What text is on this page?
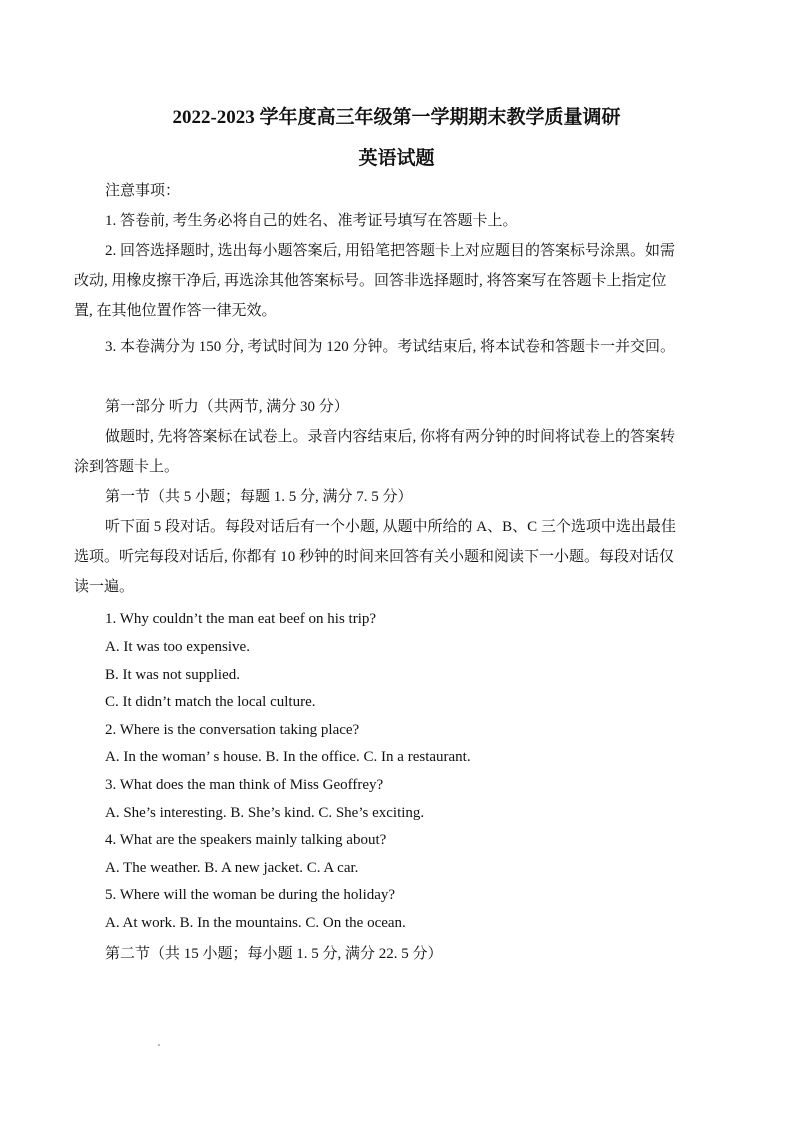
2022-2023 学年度高三年级第一学期期末教学质量调研
英语试题
注意事项：
1. 答卷前, 考生务必将自己的姓名、准考证号填写在答题卡上。
2. 回答选择题时, 选出每小题答案后, 用铅笔把答题卡上对应题目的答案标号涂黑。如需
改动, 用橡皮擦干净后, 再选涂其他答案标号。回答非选择题时, 将答案写在答题卡上指定位
置, 在其他位置作答一律无效。
3. 本卷满分为 150 分, 考试时间为 120 分钟。考试结束后, 将本试卷和答题卡一并交回。
第一部分 听力（共两节, 满分 30 分）
做题时, 先将答案标在试卷上。录音内容结束后, 你将有两分钟的时间将试卷上的答案转
涂到答题卡上。
第一节（共 5 小题；每题 1. 5 分, 满分 7. 5 分）
听下面 5 段对话。每段对话后有一个小题, 从题中所给的 A、B、C 三个选项中选出最佳
选项。听完每段对话后, 你都有 10 秒钟的时间来回答有关小题和阅读下一小题。每段对话仅
读一遍。
1. Why couldn’t the man eat beef on his trip?
A. It was too expensive.
B. It was not supplied.
C. It didn’t match the local culture.
2. Where is the conversation taking place?
A. In the woman’ s house. B. In the office. C. In a restaurant.
3. What does the man think of Miss Geoffrey?
A. She’s interesting. B. She’s kind. C. She’s exciting.
4. What are the speakers mainly talking about?
A. The weather. B. A new jacket. C. A car.
5. Where will the woman be during the holiday?
A. At work. B. In the mountains. C. On the ocean.
第二节（共 15 小题；每小题 1. 5 分, 满分 22. 5 分）
